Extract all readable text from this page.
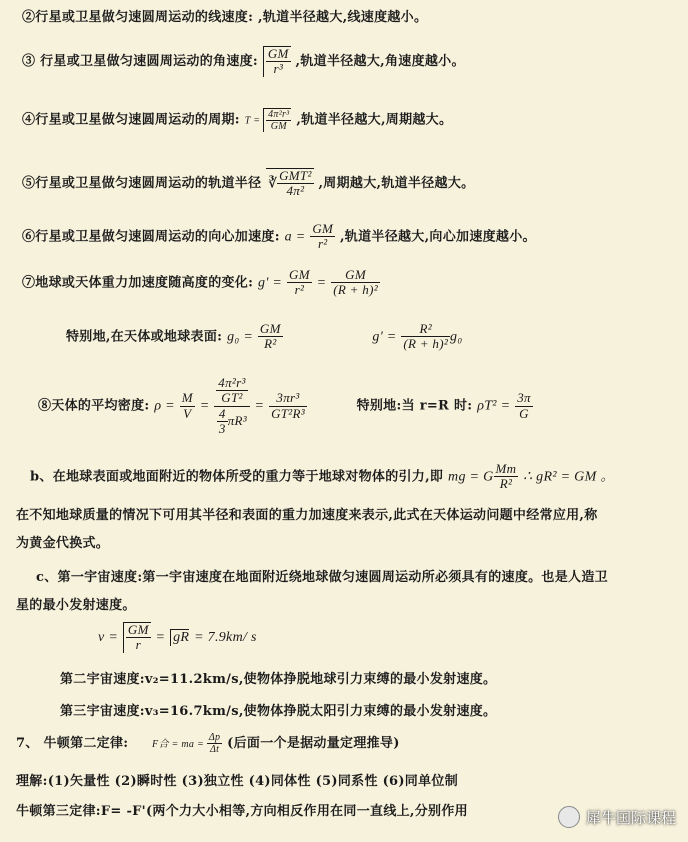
②行星或卫星做匀速圆周运动的线速度: ,轨道半径越大,线速度越小。
③ 行星或卫星做匀速圆周运动的角速度: $\frac{GM}{\text{r³}}$ ,轨道半径越大,角速度越小。
④行星或卫星做匀速圆周运动的周期: $T = \frac{\text{4π²r³}}{GM}$ ,轨道半径越大,周期越大。
⑤行星或卫星做匀速圆周运动的轨道半径 ∛ $\frac{\text{GMT²}}{\text{4π²}}$ ,周期越大,轨道半径越大。
⑥行星或卫星做匀速圆周运动的向心加速度: $a = \frac{GM}{\text{r²}}$ ,轨道半径越大,向心加速度越小。
⑦地球或天体重力加速度随高度的变化: $g' = \frac{GM}{\text{r²}} = \frac{GM}{\text{(R + h)²}}$
特别地,在天体或地球表面: $g_0 = \frac{GM}{\text{R²}}$	$g' = \frac{\text{R²}}{\text{(R + h)²}} g_0$
⑧天体的平均密度: $\rho = \frac{M}{V} = \frac{\frac{\text{4π²r³}}{\text{GT²}}}{\frac{4}{3} \pi R^3} = \frac{\text{3πr³}}{\text{GT²R³}}$	特别地:当 r=R 时: $\rho T^2 = \frac{3\pi}{G}$
b、在地球表面或地面附近的物体所受的重力等于地球对物体的引力,即 mg = G $\frac{Mm}{\text{R²}}$ ∴ gR² = GM 。
在不知地球质量的情况下可用其半径和表面的重力加速度来表示,此式在天体运动问题中经常应用,称
为黄金代换式。
c、第一宇宙速度:第一宇宙速度在地面附近绕地球做匀速圆周运动所必须具有的速度。也是人造卫
星的最小发射速度。
$v = \frac{GM}{r}$ = gR = 7.9km/ s
第二宇宙速度:v₂=11.2km/s,使物体挣脱地球引力束缚的最小发射速度。
第三宇宙速度:v₃=16.7km/s,使物体挣脱太阳引力束缚的最小发射速度。
7、 牛顿第二定律: F合 = ma = $\frac{\Delta p}{\Delta t}$ (后面一个是据动量定理推导)
理解:(1)矢量性 (2)瞬时性 (3)独立性 (4)同体性 (5)同系性 (6)同单位制
牛顿第三定律:F= -F'(两个力大小相等,方向相反作用在同一直线上,分别作用	犀牛国际课程
